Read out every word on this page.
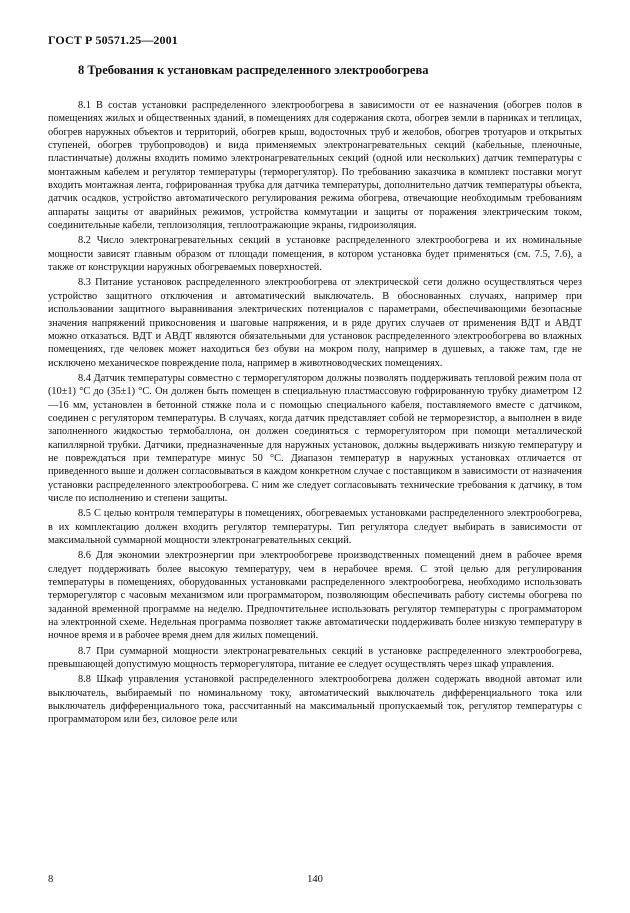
ГОСТ Р 50571.25—2001
8 Требования к установкам распределенного электрообогрева

8.1 В состав установки распределенного электрообогрева в зависимости от ее назначения (обогрев полов в помещениях жилых и общественных зданий, в помещениях для содержания скота, обогрев земли в парниках и теплицах, обогрев наружных объектов и территорий, обогрев крыш, водосточных труб и желобов, обогрев тротуаров и открытых ступеней, обогрев трубопроводов) и вида применяемых электронагревательных секций (кабельные, пленочные, пластинчатые) должны входить помимо электронагревательных секций (одной или нескольких) датчик температуры с монтажным кабелем и регулятор температуры (терморегулятор). По требованию заказчика в комплект поставки могут входить монтажная лента, гофрированная трубка для датчика температуры, дополнительно датчик температуры объекта, датчик осадков, устройство автоматического регулирования режима обогрева, отвечающие необходимым требованиям аппараты защиты от аварийных режимов, устройства коммутации и защиты от поражения электрическим током, соединительные кабели, теплоизоляция, теплоотражающие экраны, гидроизоляция.

8.2 Число электронагревательных секций в установке распределенного электрообогрева и их номинальные мощности зависят главным образом от площади помещения, в котором установка будет применяться (см. 7.5, 7.6), а также от конструкции наружных обогреваемых поверхностей.

8.3 Питание установок распределенного электрообогрева от электрической сети должно осуществляться через устройство защитного отключения и автоматический выключатель. В обоснованных случаях, например при использовании защитного выравнивания электрических потенциалов с параметрами, обеспечивающими безопасные значения напряжений прикосновения и шаговые напряжения, и в ряде других случаев от применения ВДТ и АВДТ можно отказаться. ВДТ и АВДТ являются обязательными для установок распределенного электрообогрева во влажных помещениях, где человек может находиться без обуви на мокром полу, например в душевых, а также там, где не исключено механическое повреждение пола, например в животноводческих помещениях.

8.4 Датчик температуры совместно с терморегулятором должны позволять поддерживать тепловой режим пола от (10±1) °С до (35±1) °С. Он должен быть помещен в специальную пластмассовую гофрированную трубку диаметром 12—16 мм, установлен в бетонной стяжке пола и с помощью специального кабеля, поставляемого вместе с датчиком, соединен с регулятором температуры. В случаях, когда датчик представляет собой не терморезистор, а выполнен в виде заполненного жидкостью термобаллона, он должен соединяться с терморегулятором при помощи металлической капиллярной трубки. Датчики, предназначенные для наружных установок, должны выдерживать низкую температуру и не повреждаться при температуре минус 50 °С. Диапазон температур в наружных установках отличается от приведенного выше и должен согласовываться в каждом конкретном случае с поставщиком в зависимости от назначения установки распределенного электрообогрева. С ним же следует согласовывать технические требования к датчику, в том числе по исполнению и степени защиты.

8.5 С целью контроля температуры в помещениях, обогреваемых установками распределенного электрообогрева, в их комплектацию должен входить регулятор температуры. Тип регулятора следует выбирать в зависимости от максимальной суммарной мощности электронагревательных секций.

8.6 Для экономии электроэнергии при электрообогреве производственных помещений днем в рабочее время следует поддерживать более высокую температуру, чем в нерабочее время. С этой целью для регулирования температуры в помещениях, оборудованных установками распределенного электрообогрева, необходимо использовать терморегулятор с часовым механизмом или программатором, позволяющим обеспечивать работу системы обогрева по заданной временной программе на неделю. Предпочтительнее использовать регулятор температуры с программатором на электронной схеме. Недельная программа позволяет также автоматически поддерживать более низкую температуру в ночное время и в рабочее время днем для жилых помещений.

8.7 При суммарной мощности электронагревательных секций в установке распределенного электрообогрева, превышающей допустимую мощность терморегулятора, питание ее следует осуществлять через шкаф управления.

8.8 Шкаф управления установкой распределенного электрообогрева должен содержать вводной автомат или выключатель, выбираемый по номинальному току, автоматический выключатель дифференциального тока или выключатель дифференциального тока, рассчитанный на максимальный пропускаемый ток, регулятор температуры с программатором или без, силовое реле или

8	140
